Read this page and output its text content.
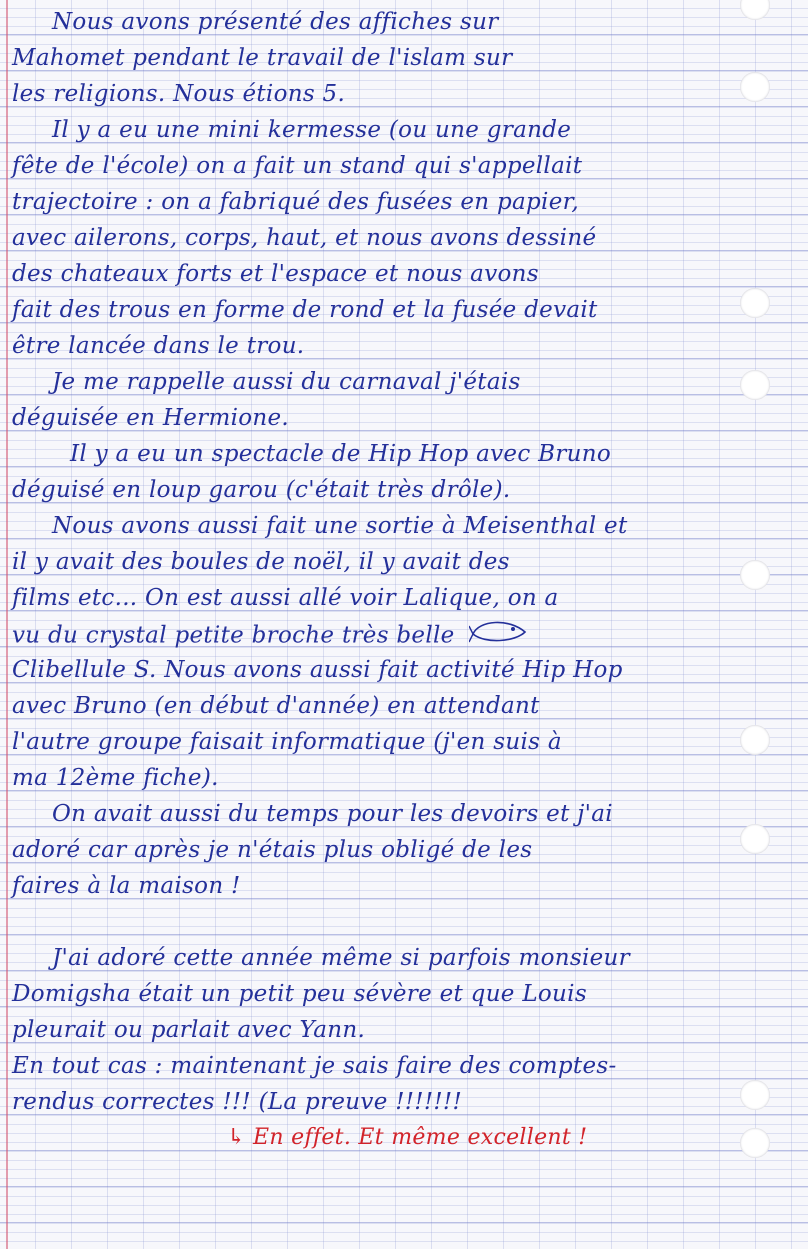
Nous avons présenté des affiches sur
Mahomet pendant le travail de l'islam sur
les religions. Nous étions 5.
Il y a eu une mini kermesse (ou une grande
fête de l'école) on a fait un stand qui s'appellait
trajectoire : on a fabriqué des fusées en papier,
avec ailerons, corps, haut, et nous avons dessiné
des chateaux forts et l'espace et nous avons
fait des trous en forme de rond et la fusée devait
être lancée dans le trou.
Je me rappelle aussi du carnaval j'étais
déguisée en Hermione.
Il y a eu un spectacle de Hip Hop avec Bruno
déguisé en loup garou (c'était très drôle).
Nous avons aussi fait une sortie à Meisenthal et
il y avait des boules de noël, il y avait des
films etc... On est aussi allé voir Lalique, on a
vu du crystal petite broche très belle
Clibellule S. Nous avons aussi fait activité Hip Hop
avec Bruno (en début d'année) en attendant
l'autre groupe faisait informatique (j'en suis à
ma 12ème fiche).
On avait aussi du temps pour les devoirs et j'ai
adoré car après je n'étais plus obligé de les
faires à la maison !
J'ai adoré cette année même si parfois monsieur
Domigsha était un petit peu sévère et que Louis
pleurait ou parlait avec Yann.
En tout cas : maintenant je sais faire des comptes-
rendus correctes !!! (La preuve !!!!!!!
↳ En effet. Et même excellent !
